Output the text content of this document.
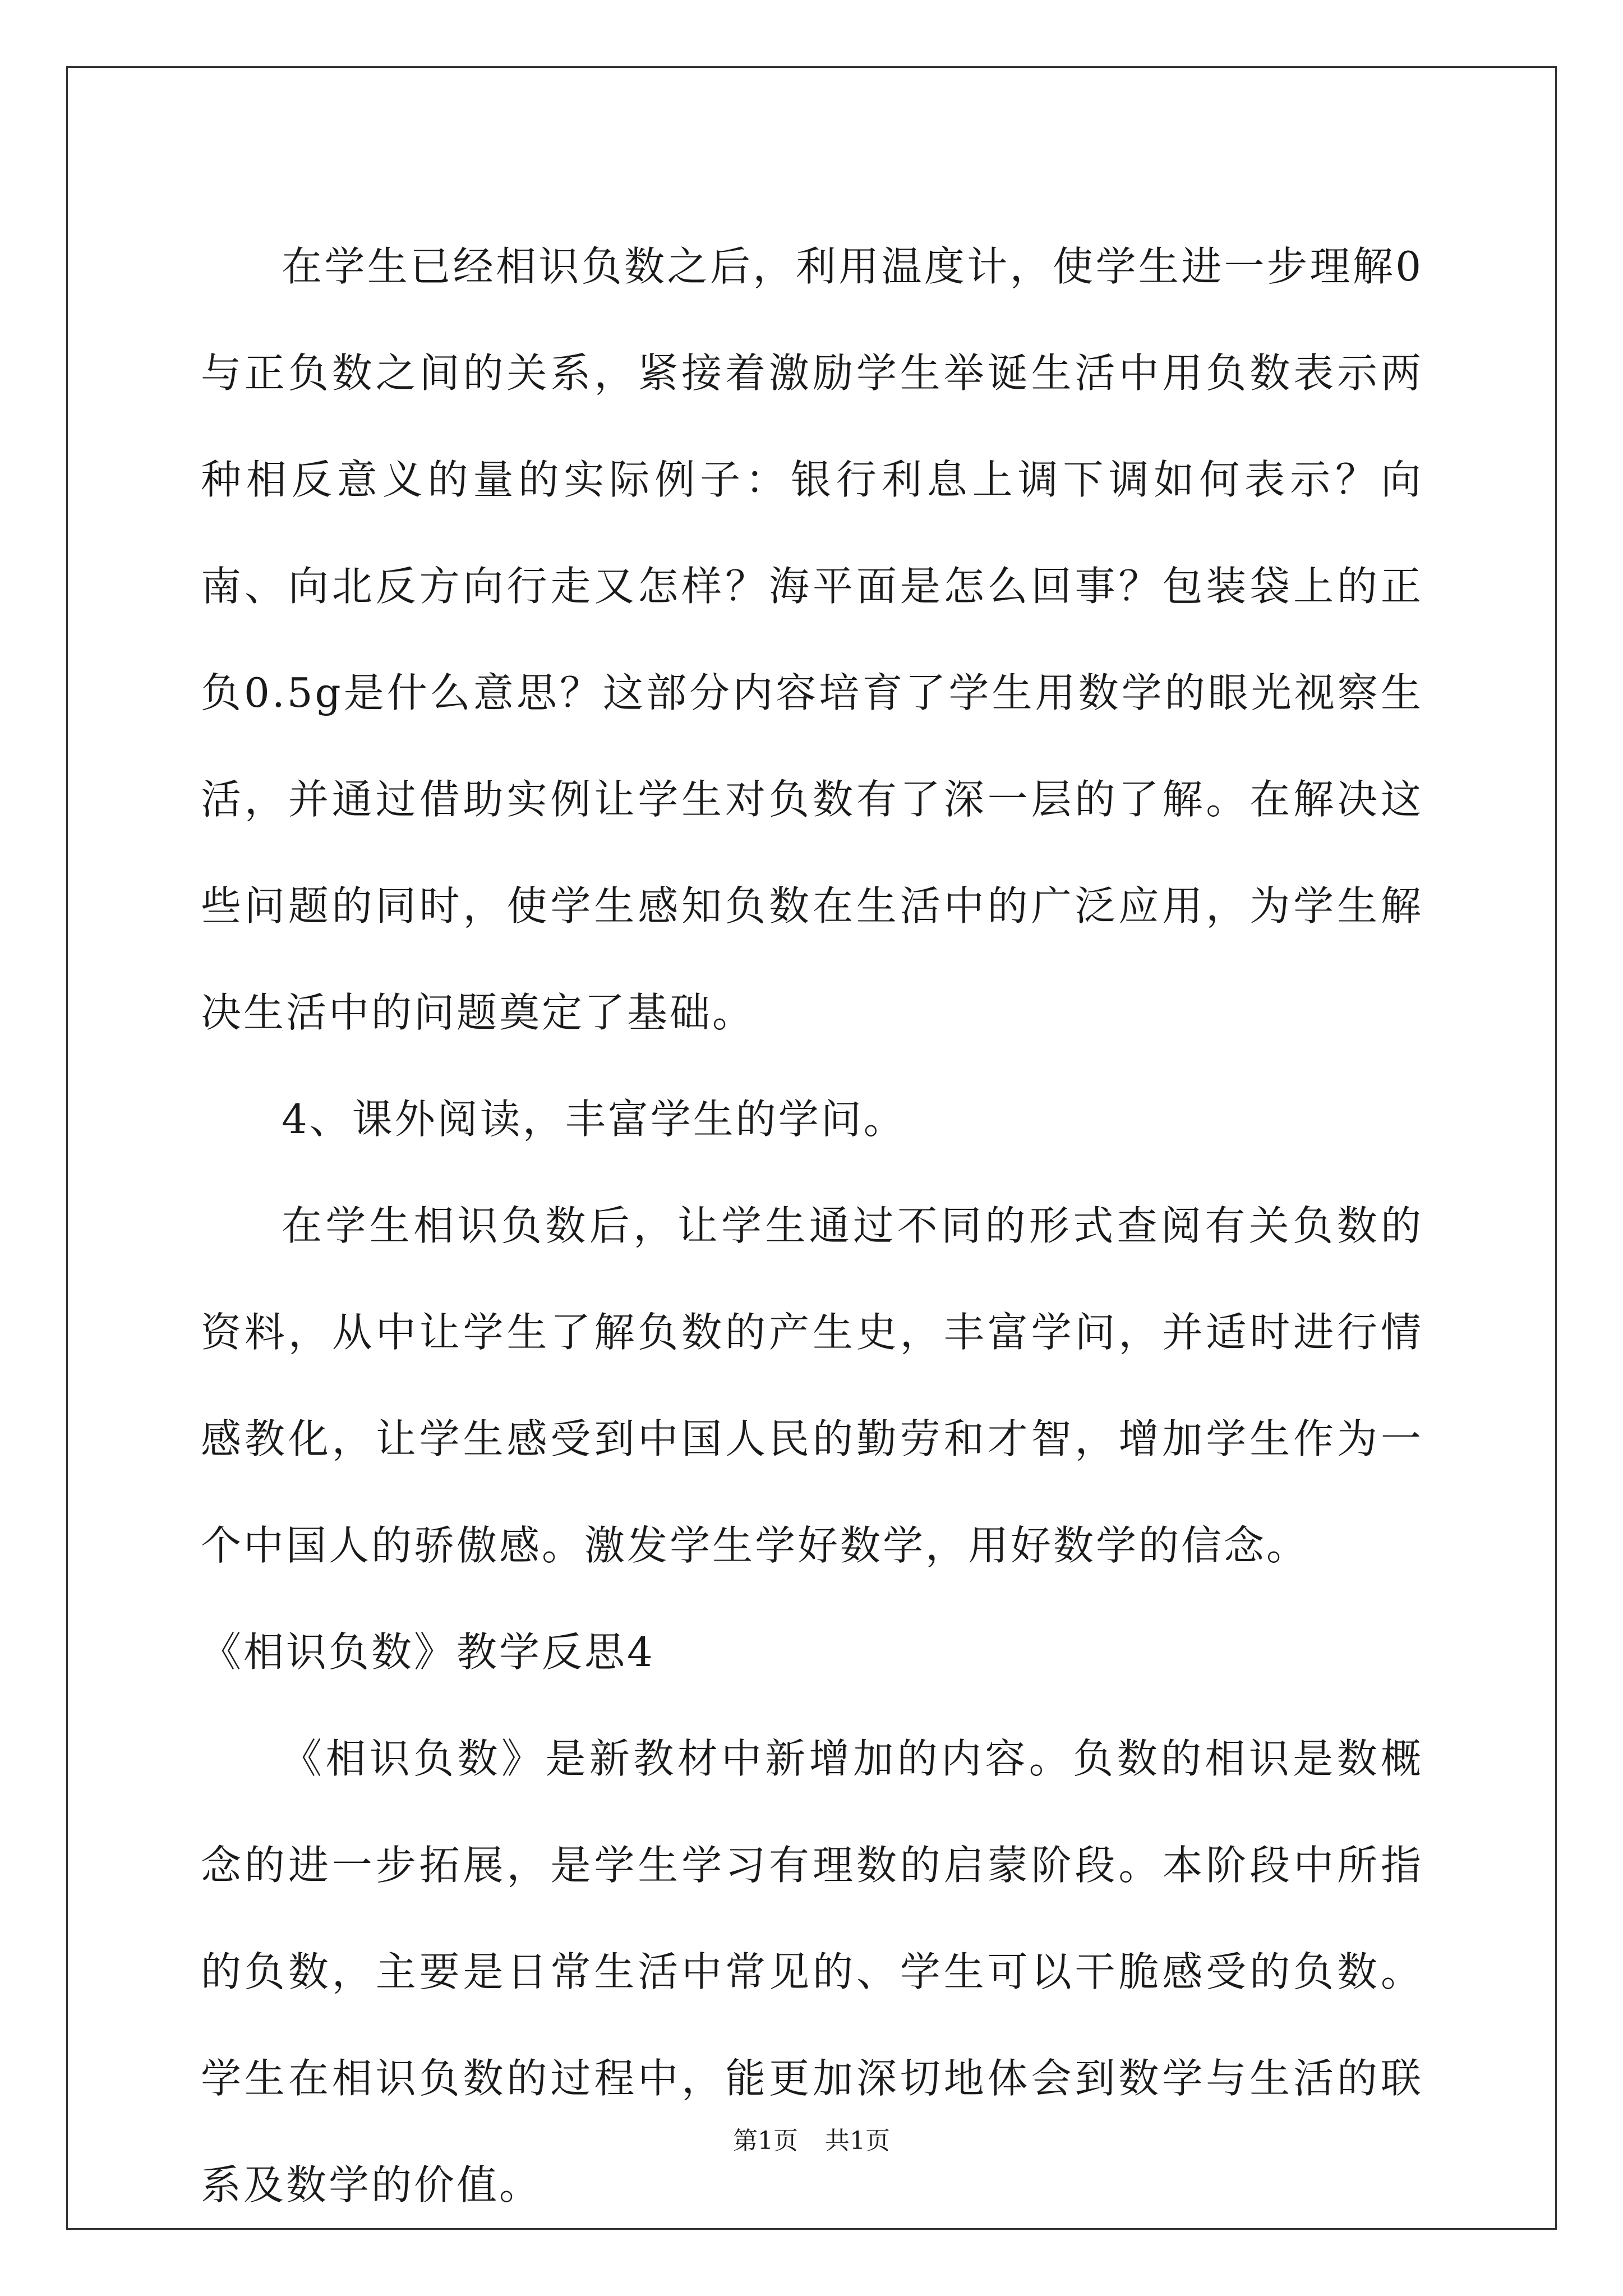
在学生已经相识负数之后，利用温度计，使学生进一步理解0与正负数之间的关系，紧接着激励学生举诞生活中用负数表示两种相反意义的量的实际例子：银行利息上调下调如何表示？向南、向北反方向行走又怎样？海平面是怎么回事？包装袋上的正负0.5g是什么意思？这部分内容培育了学生用数学的眼光视察生活，并通过借助实例让学生对负数有了深一层的了解。在解决这些问题的同时，使学生感知负数在生活中的广泛应用，为学生解决生活中的问题奠定了基础。

4、课外阅读，丰富学生的学问。

在学生相识负数后，让学生通过不同的形式查阅有关负数的资料，从中让学生了解负数的产生史，丰富学问，并适时进行情感教化，让学生感受到中国人民的勤劳和才智，增加学生作为一个中国人的骄傲感。激发学生学好数学，用好数学的信念。

《相识负数》教学反思4

《相识负数》是新教材中新增加的内容。负数的相识是数概念的进一步拓展，是学生学习有理数的启蒙阶段。本阶段中所指的负数，主要是日常生活中常见的、学生可以干脆感受的负数。学生在相识负数的过程中，能更加深切地体会到数学与生活的联系及数学的价值。

第1页 共1页
